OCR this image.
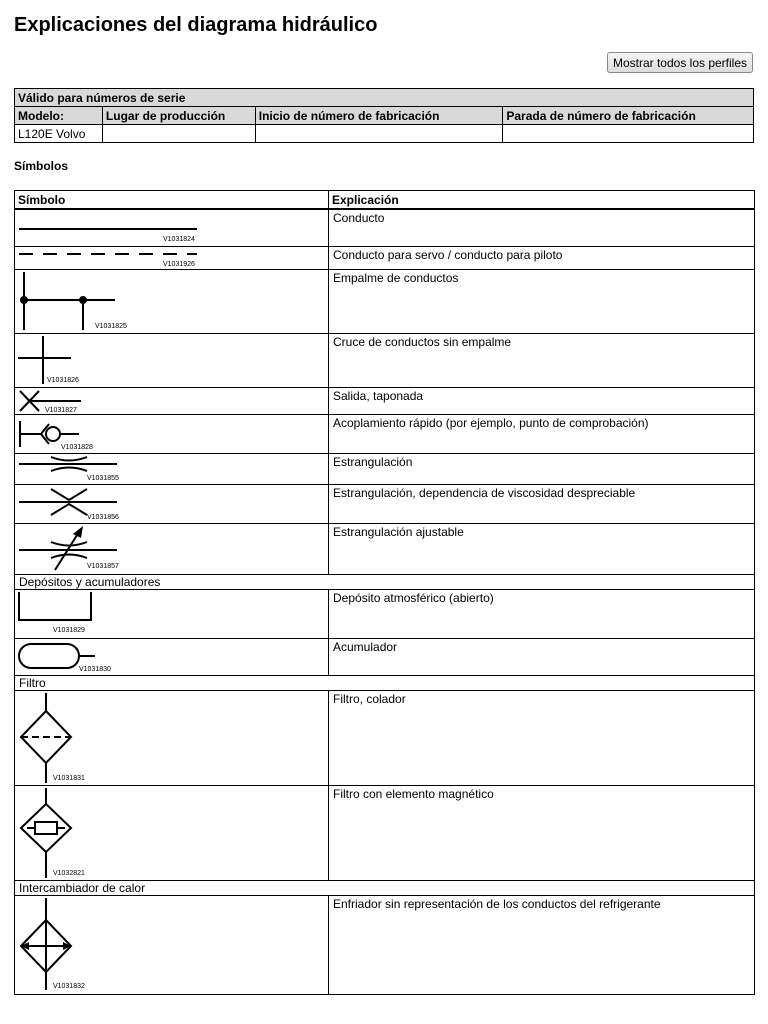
Explicaciones del diagrama hidráulico
Mostrar todos los perfiles
Válido para números de serie			
Modelo:	Lugar de producción	Inicio de número de fabricación	Parada de número de fabricación
L120E Volvo			
Símbolos
Símbolo	Explicación

V1031824	Conducto

V1031926	Conducto para servo / conducto para piloto

V1031825	Empalme de conductos

V1031826	Cruce de conductos sin empalme

V1031827	Salida, taponada

V1031828	Acoplamiento rápido (por ejemplo, punto de comprobación)

V1031855	Estrangulación

V1031856	Estrangulación, dependencia de viscosidad despreciable

V1031857	Estrangulación ajustable
Depósitos y acumuladores	

V1031829	Depósito atmosférico (abierto)

V1031830	Acumulador
Filtro	

V1031831	Filtro, colador

V1032821	Filtro con elemento magnético
Intercambiador de calor	

V1031832	Enfriador sin representación de los conductos del refrigerante
